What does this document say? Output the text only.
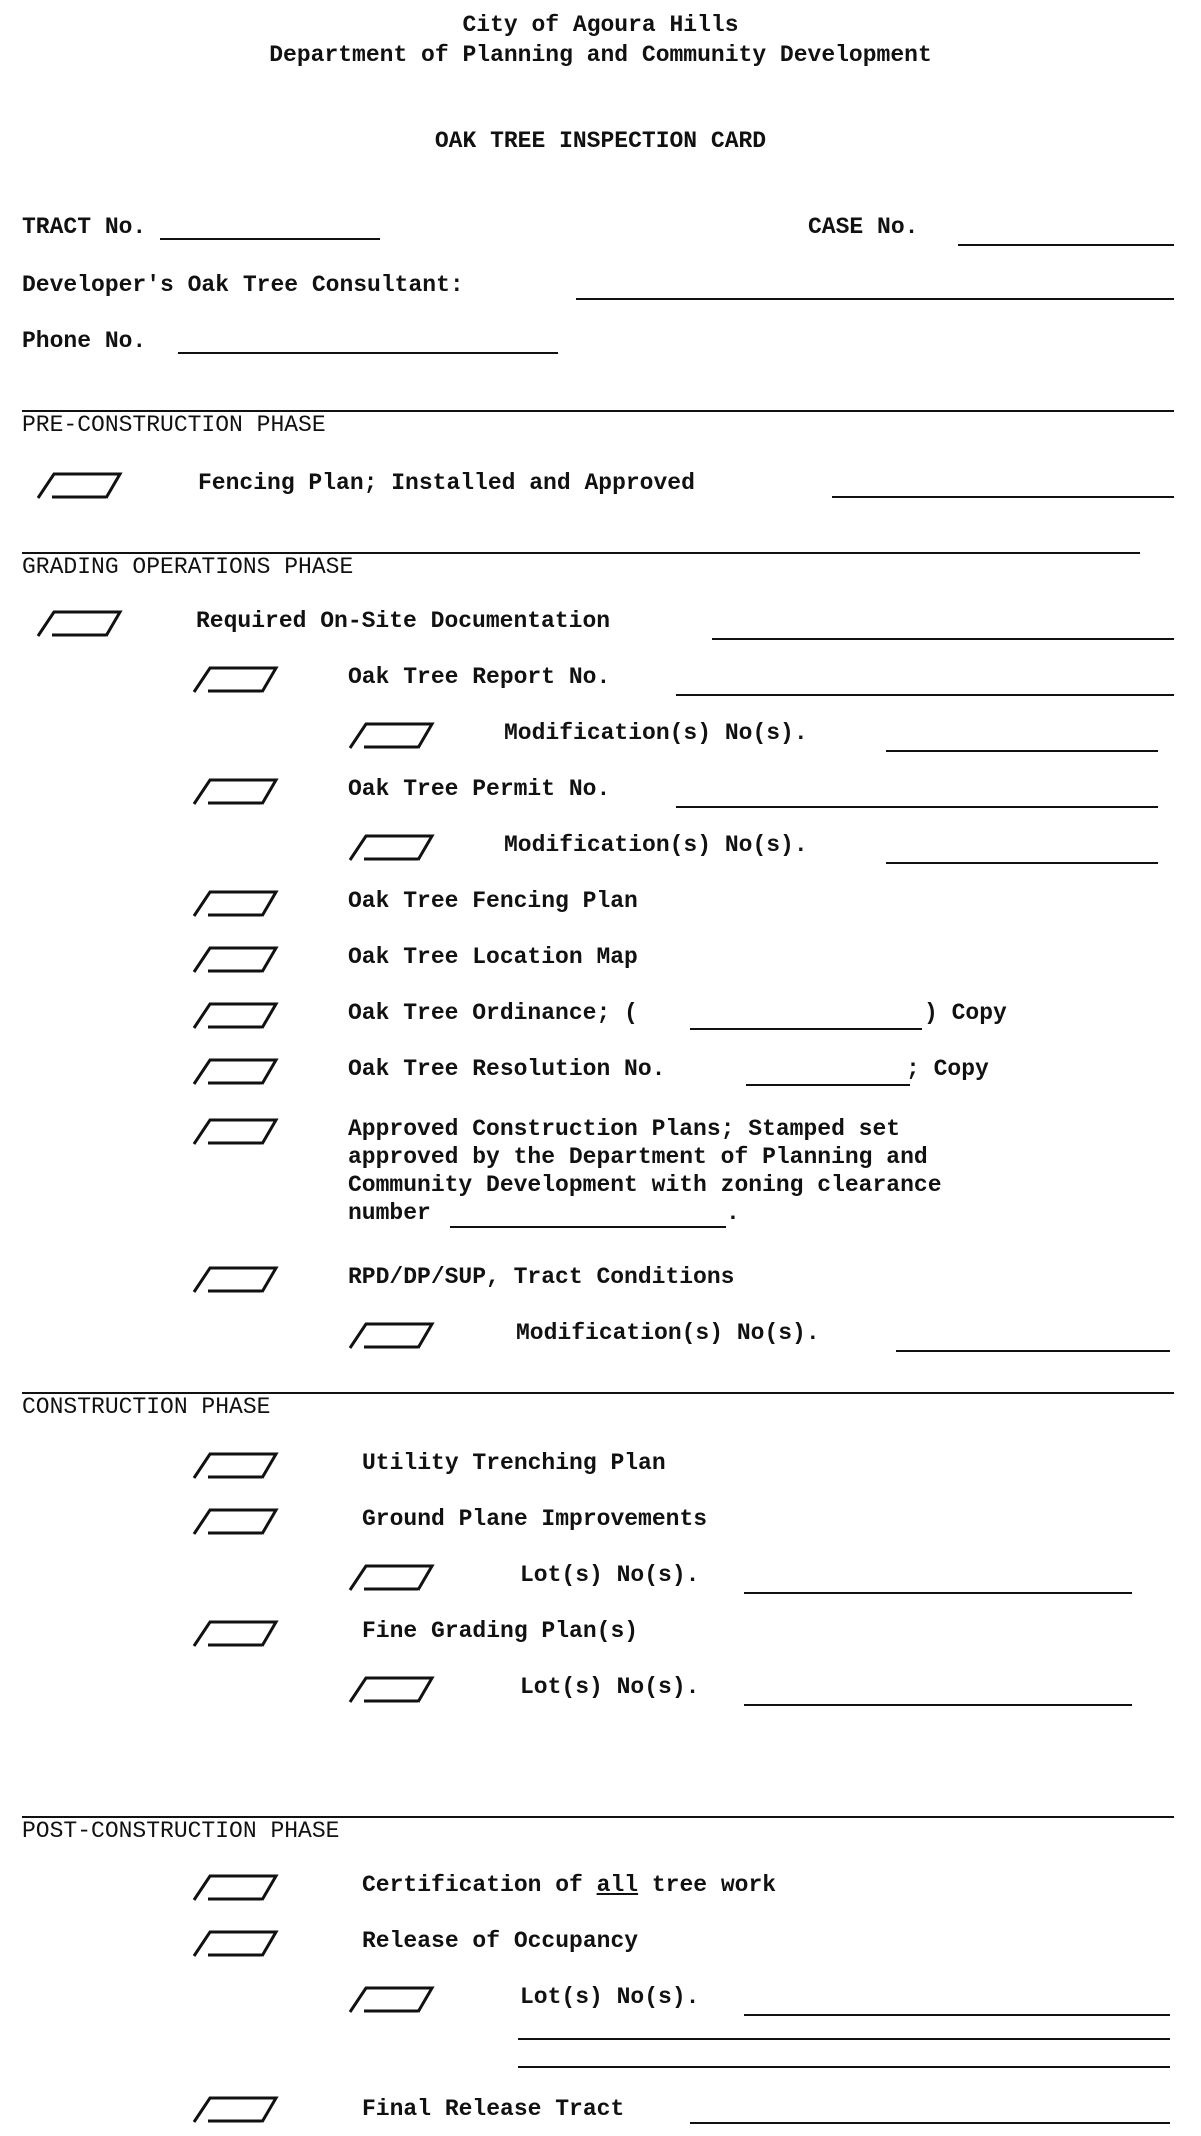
City of Agoura Hills
Department of Planning and Community Development
OAK TREE INSPECTION CARD
TRACT No.	CASE No.
Developer's Oak Tree Consultant:
Phone No.
PRE-CONSTRUCTION PHASE
Fencing Plan; Installed and Approved
GRADING OPERATIONS PHASE
Required On-Site Documentation
Oak Tree Report No.
Modification(s) No(s).
Oak Tree Permit No.
Modification(s) No(s).
Oak Tree Fencing Plan
Oak Tree Location Map
Oak Tree Ordinance; (	) Copy
Oak Tree Resolution No.	; Copy
Approved Construction Plans; Stamped set
approved by the Department of Planning and
Community Development with zoning clearance
number	.
RPD/DP/SUP, Tract Conditions
Modification(s) No(s).
CONSTRUCTION PHASE
Utility Trenching Plan
Ground Plane Improvements
Lot(s) No(s).
Fine Grading Plan(s)
Lot(s) No(s).
POST-CONSTRUCTION PHASE
Certification of all tree work
Release of Occupancy
Lot(s) No(s).
Final Release Tract
